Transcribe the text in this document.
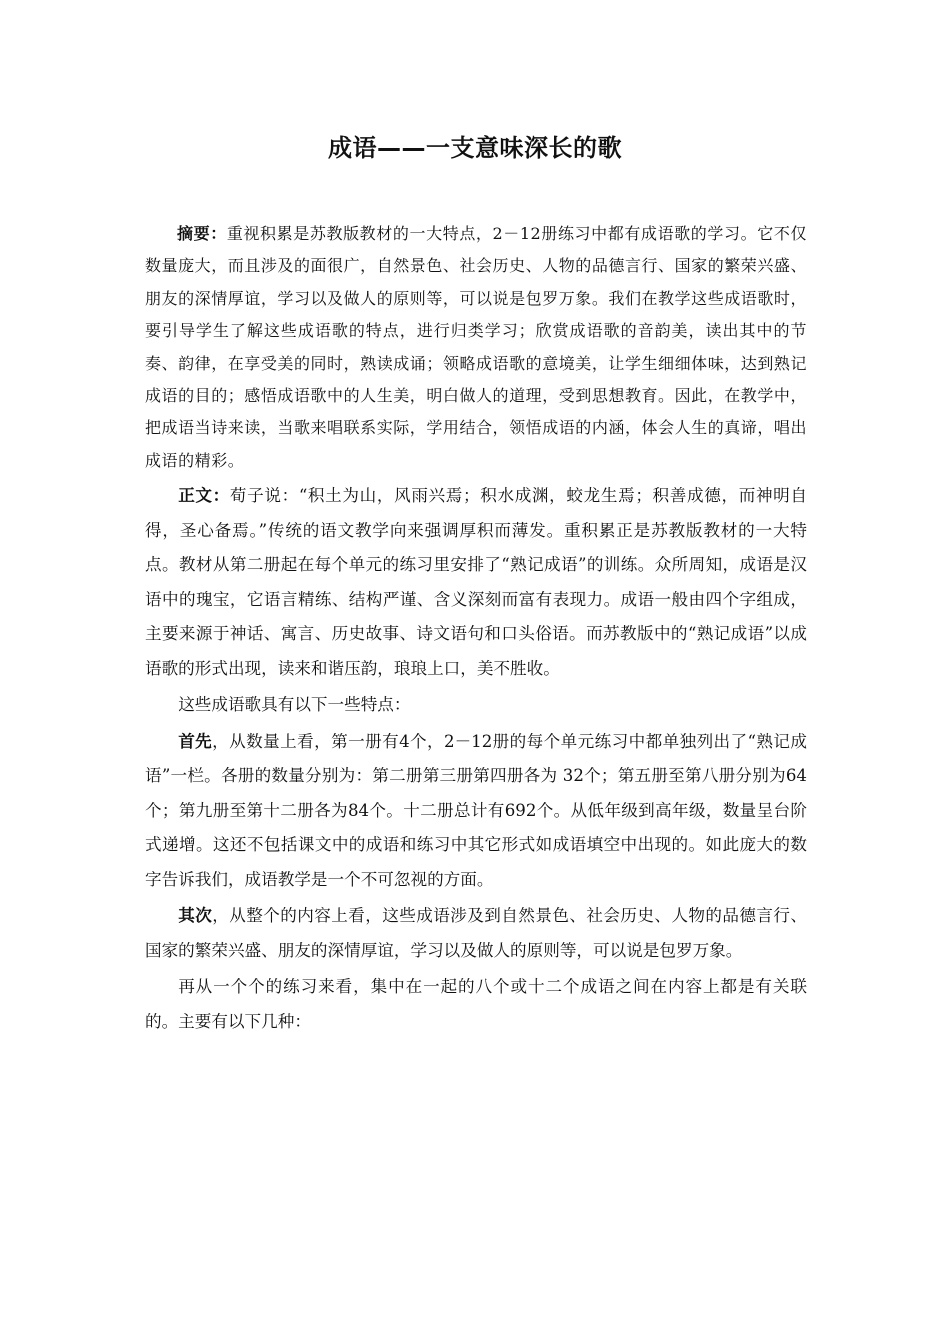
成语——一支意味深长的歌

摘要：重视积累是苏教版教材的一大特点，2－12册练习中都有成语歌的学习。它不仅数量庞大，而且涉及的面很广，自然景色、社会历史、人物的品德言行、国家的繁荣兴盛、朋友的深情厚谊，学习以及做人的原则等，可以说是包罗万象。我们在教学这些成语歌时，要引导学生了解这些成语歌的特点，进行归类学习；欣赏成语歌的音韵美，读出其中的节奏、韵律，在享受美的同时，熟读成诵；领略成语歌的意境美，让学生细细体味，达到熟记成语的目的；感悟成语歌中的人生美，明白做人的道理，受到思想教育。因此，在教学中，把成语当诗来读，当歌来唱联系实际，学用结合，领悟成语的内涵，体会人生的真谛，唱出成语的精彩。

正文：荀子说：“积土为山，风雨兴焉；积水成渊，蛟龙生焉；积善成德，而神明自得，圣心备焉。”传统的语文教学向来强调厚积而薄发。重积累正是苏教版教材的一大特点。教材从第二册起在每个单元的练习里安排了“熟记成语”的训练。众所周知，成语是汉语中的瑰宝，它语言精练、结构严谨、含义深刻而富有表现力。成语一般由四个字组成，主要来源于神话、寓言、历史故事、诗文语句和口头俗语。而苏教版中的“熟记成语”以成语歌的形式出现，读来和谐压韵，琅琅上口，美不胜收。

这些成语歌具有以下一些特点：

首先，从数量上看，第一册有4个，2－12册的每个单元练习中都单独列出了“熟记成语”一栏。各册的数量分别为：第二册第三册第四册各为 32个；第五册至第八册分别为64个；第九册至第十二册各为84个。十二册总计有692个。从低年级到高年级，数量呈台阶式递增。这还不包括课文中的成语和练习中其它形式如成语填空中出现的。如此庞大的数字告诉我们，成语教学是一个不可忽视的方面。

其次，从整个的内容上看，这些成语涉及到自然景色、社会历史、人物的品德言行、国家的繁荣兴盛、朋友的深情厚谊，学习以及做人的原则等，可以说是包罗万象。

再从一个个的练习来看，集中在一起的八个或十二个成语之间在内容上都是有关联的。主要有以下几种：
